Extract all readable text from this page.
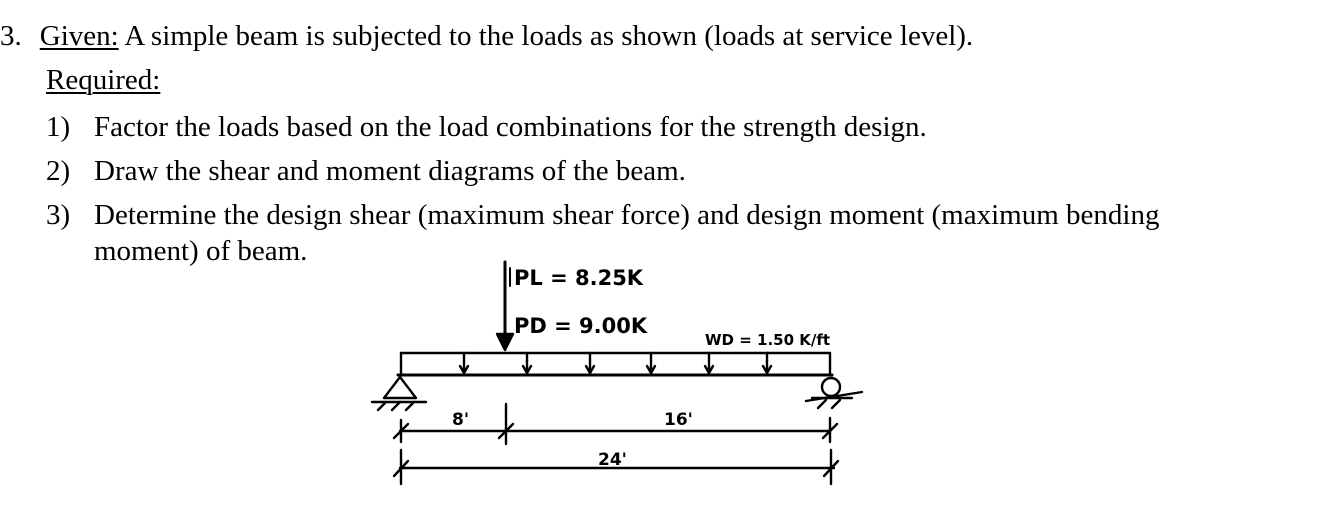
3. Given: A simple beam is subjected to the loads as shown (loads at service level).
Required:
1) Factor the loads based on the load combinations for the strength design.
2) Draw the shear and moment diagrams of the beam.
3) Determine the design shear (maximum shear force) and design moment (maximum bending
moment) of beam.
PL = 8.25K
PD = 9.00K
WD = 1.50 K/ft
8'	16'
24'
